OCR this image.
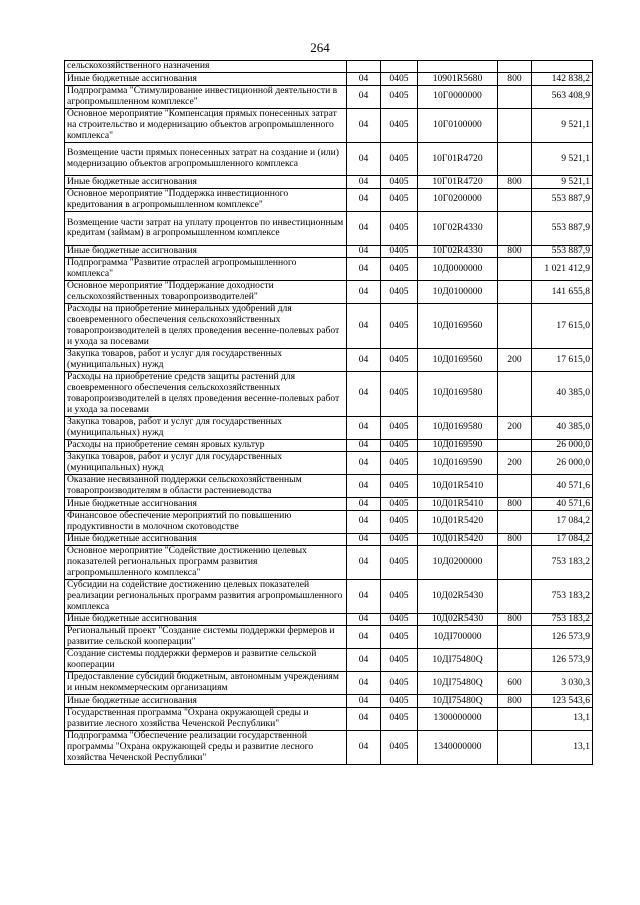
264
сельскохозяйственного назначения					
Иные бюджетные ассигнования	04	0405	10901R5680	800	142 838,2
Подпрограмма "Стимулирование инвестиционной деятельности в агропромышленном комплексе"	04	0405	10Г0000000		563 408,9
Основное мероприятие "Компенсация прямых понесенных затрат на строительство и модернизацию объектов агропромышленного комплекса"	04	0405	10Г0100000		9 521,1
Возмещение части прямых понесенных затрат на создание и (или) модернизацию объектов агропромышленного комплекса	04	0405	10Г01R4720		9 521,1
Иные бюджетные ассигнования	04	0405	10Г01R4720	800	9 521,1
Основное мероприятие "Поддержка инвестиционного кредитования в агропромышленном комплексе"	04	0405	10Г0200000		553 887,9
Возмещение части затрат на уплату процентов по инвестиционным кредитам (займам) в агропромышленном комплексе	04	0405	10Г02R4330		553 887,9
Иные бюджетные ассигнования	04	0405	10Г02R4330	800	553 887,9
Подпрограмма "Развитие отраслей агропромышленного комплекса"	04	0405	10Д0000000		1 021 412,9
Основное мероприятие "Поддержание доходности сельскохозяйственных товаропроизводителей"	04	0405	10Д0100000		141 655,8
Расходы на приобретение минеральных удобрений для своевременного обеспечения сельскохозяйственных товаропроизводителей в целях проведения весенне-полевых работ и ухода за посевами	04	0405	10Д0169560		17 615,0
Закупка товаров, работ и услуг для государственных (муниципальных) нужд	04	0405	10Д0169560	200	17 615,0
Расходы на приобретение средств защиты растений для своевременного обеспечения сельскохозяйственных товаропроизводителей в целях проведения весенне-полевых работ и ухода за посевами	04	0405	10Д0169580		40 385,0
Закупка товаров, работ и услуг для государственных (муниципальных) нужд	04	0405	10Д0169580	200	40 385,0
Расходы на приобретение семян яровых культур	04	0405	10Д0169590		26 000,0
Закупка товаров, работ и услуг для государственных (муниципальных) нужд	04	0405	10Д0169590	200	26 000,0
Оказание несвязанной поддержки сельскохозяйственным товаропроизводителям в области растениеводства	04	0405	10Д01R5410		40 571,6
Иные бюджетные ассигнования	04	0405	10Д01R5410	800	40 571,6
Финансовое обеспечение мероприятий по повышению продуктивности в молочном скотоводстве	04	0405	10Д01R5420		17 084,2
Иные бюджетные ассигнования	04	0405	10Д01R5420	800	17 084,2
Основное мероприятие "Содействие достижению целевых показателей региональных программ развития агропромышленного комплекса"	04	0405	10Д0200000		753 183,2
Субсидии на содействие достижению целевых показателей реализации региональных программ развития агропромышленного комплекса	04	0405	10Д02R5430		753 183,2
Иные бюджетные ассигнования	04	0405	10Д02R5430	800	753 183,2
Региональный проект "Создание системы поддержки фермеров и развитие сельской кооперации"	04	0405	10ДI700000		126 573,9
Создание системы поддержки фермеров и развитие сельской кооперации	04	0405	10ДI75480Q		126 573,9
Предоставление субсидий бюджетным, автономным учреждениям и иным некоммерческим организациям	04	0405	10ДI75480Q	600	3 030,3
Иные бюджетные ассигнования	04	0405	10ДI75480Q	800	123 543,6
Государственная программа "Охрана окружающей среды и развитие лесного хозяйства Чеченской Республики"	04	0405	1300000000		13,1
Подпрограмма "Обеспечение реализации государственной программы "Охрана окружающей среды и развитие лесного хозяйства Чеченской Республики"	04	0405	1340000000		13,1
